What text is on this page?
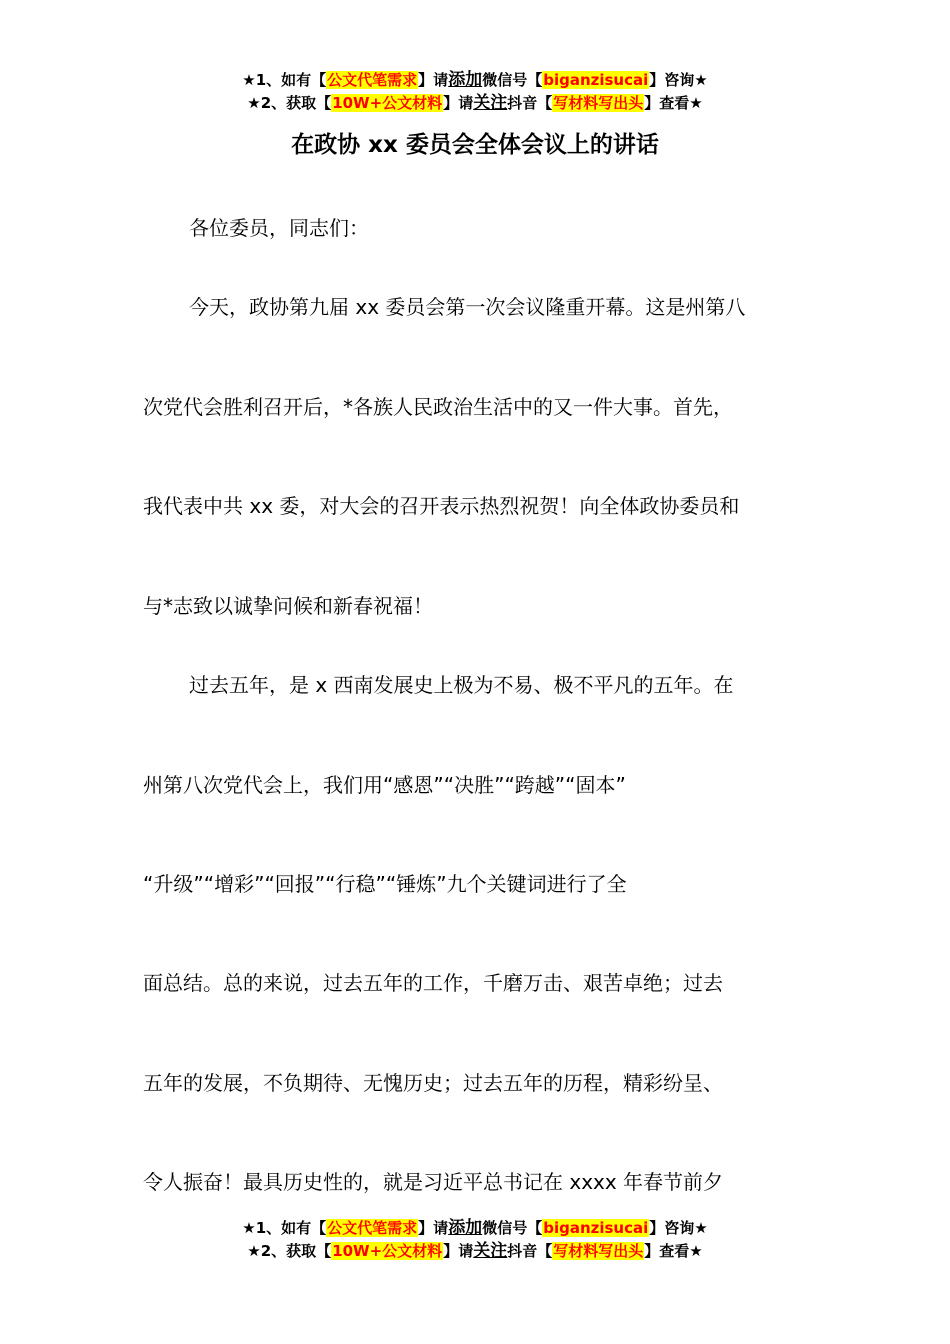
★1、如有【公文代笔需求】请添加微信号【biganzisucai】咨询★
★2、获取【10W+公文材料】请关注抖音【写材料写出头】查看★
在政协 xx 委员会全体会议上的讲话
各位委员，同志们：
今天，政协第九届 xx 委员会第一次会议隆重开幕。这是州第八
次党代会胜利召开后，*各族人民政治生活中的又一件大事。首先，
我代表中共 xx 委，对大会的召开表示热烈祝贺！向全体政协委员和
与*志致以诚挚问候和新春祝福！
过去五年，是 x 西南发展史上极为不易、极不平凡的五年。在
州第八次党代会上，我们用“感恩”“决胜”“跨越”“固本”
“升级”“增彩”“回报”“行稳”“锤炼”九个关键词进行了全
面总结。总的来说，过去五年的工作，千磨万击、艰苦卓绝；过去
五年的发展，不负期待、无愧历史；过去五年的历程，精彩纷呈、
令人振奋！最具历史性的，就是习近平总书记在 xxxx 年春节前夕
★1、如有【公文代笔需求】请添加微信号【biganzisucai】咨询★
★2、获取【10W+公文材料】请关注抖音【写材料写出头】查看★
